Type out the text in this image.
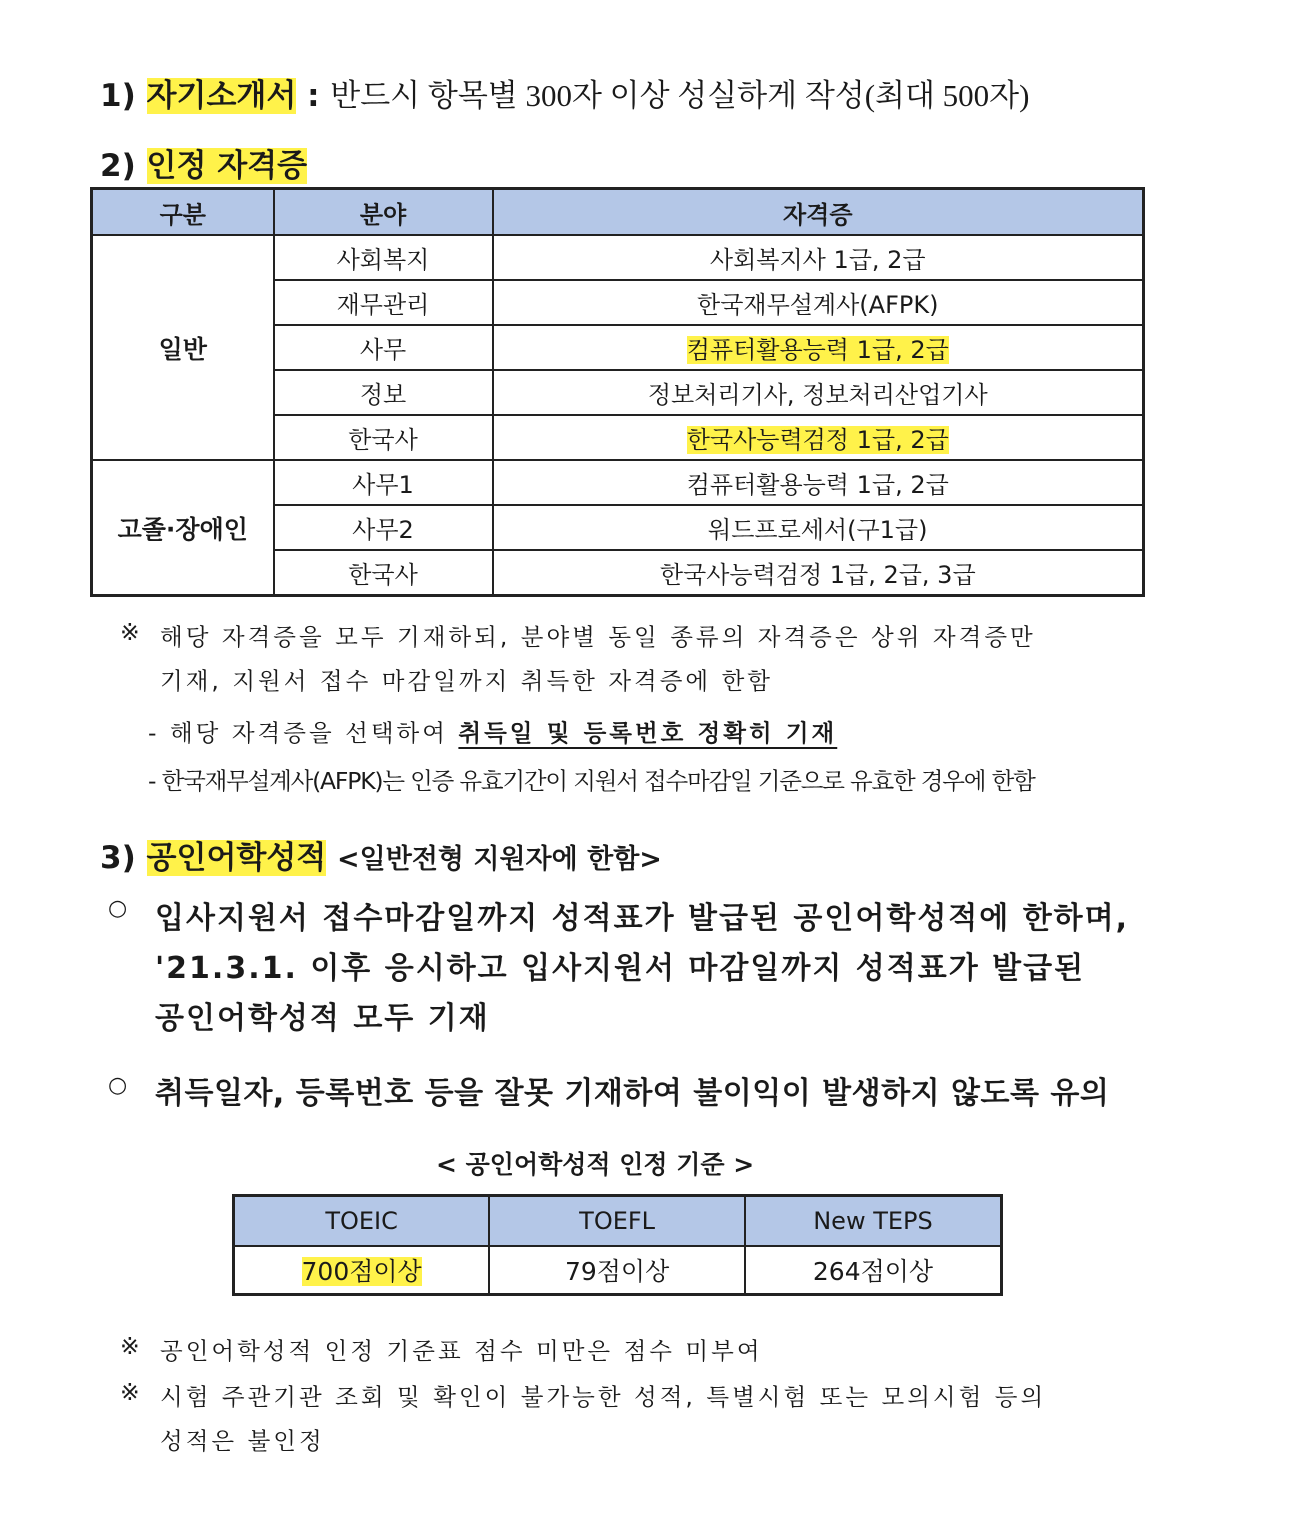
1) 자기소개서 : 반드시 항목별 300자 이상 성실하게 작성(최대 500자)
2) 인정 자격증
구분	분야	자격증
일반	사회복지	사회복지사 1급, 2급
	재무관리	한국재무설계사(AFPK)
	사무	컴퓨터활용능력 1급, 2급
	정보	정보처리기사, 정보처리산업기사
	한국사	한국사능력검정 1급, 2급
고졸·장애인	사무1	컴퓨터활용능력 1급, 2급
	사무2	워드프로세서(구1급)
	한국사	한국사능력검정 1급, 2급, 3급
※ 해당 자격증을 모두 기재하되, 분야별 동일 종류의 자격증은 상위 자격증만
기재, 지원서 접수 마감일까지 취득한 자격증에 한함
- 해당 자격증을 선택하여 취득일 및 등록번호 정확히 기재
- 한국재무설계사(AFPK)는 인증 유효기간이 지원서 접수마감일 기준으로 유효한 경우에 한함
3) 공인어학성적 <일반전형 지원자에 한함>
○ 입사지원서 접수마감일까지 성적표가 발급된 공인어학성적에 한하며,
'21.3.1. 이후 응시하고 입사지원서 마감일까지 성적표가 발급된
공인어학성적 모두 기재
○ 취득일자, 등록번호 등을 잘못 기재하여 불이익이 발생하지 않도록 유의
< 공인어학성적 인정 기준 >
TOEIC	TOEFL	New TEPS
700점이상	79점이상	264점이상
※ 공인어학성적 인정 기준표 점수 미만은 점수 미부여
※ 시험 주관기관 조회 및 확인이 불가능한 성적, 특별시험 또는 모의시험 등의
성적은 불인정
